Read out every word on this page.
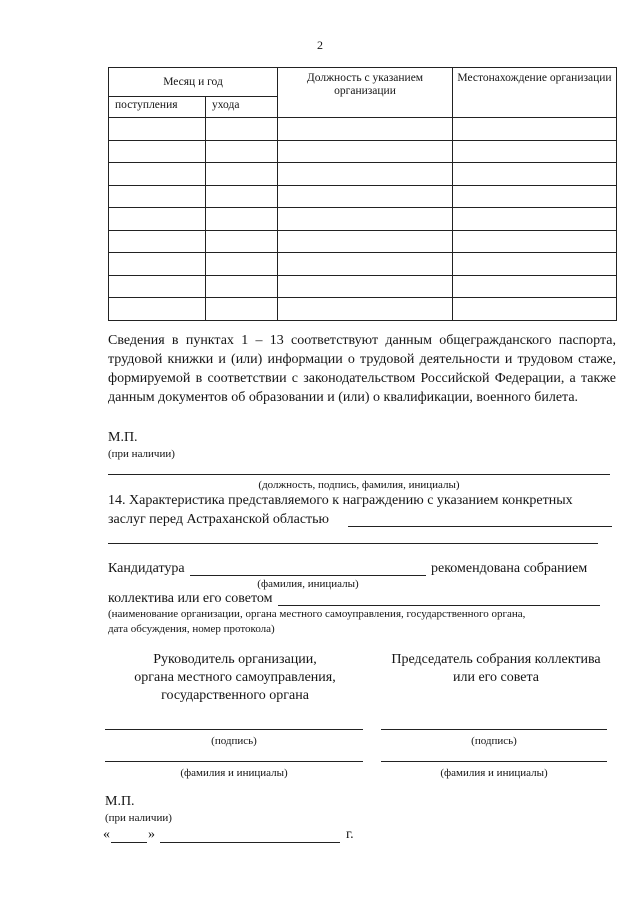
2
Месяц и год		Должность с указанием организации	Местонахождение организации
поступления	ухода		

Сведения в пунктах 1 – 13 соответствуют данным общегражданского паспорта, трудовой книжки и (или) информации о трудовой деятельности и трудовом стаже, формируемой в соответствии с законодательством Российской Федерации, а также данным документов об образовании и (или) о квалификации, военного билета.
М.П.
(при наличии)
(должность, подпись, фамилия, инициалы)
14. Характеристика представляемого к награждению с указанием конкретных
заслуг перед Астраханской областью
Кандидатура	рекомендована собранием
(фамилия, инициалы)
коллектива или его советом
(наименование организации, органа местного самоуправления, государственного органа,
дата обсуждения, номер протокола)
Руководитель организации,
органа местного самоуправления,
государственного органа
Председатель собрания коллектива
или его совета
(подпись)	(подпись)
(фамилия и инициалы)	(фамилия и инициалы)
М.П.
(при наличии)
«	»	г.
